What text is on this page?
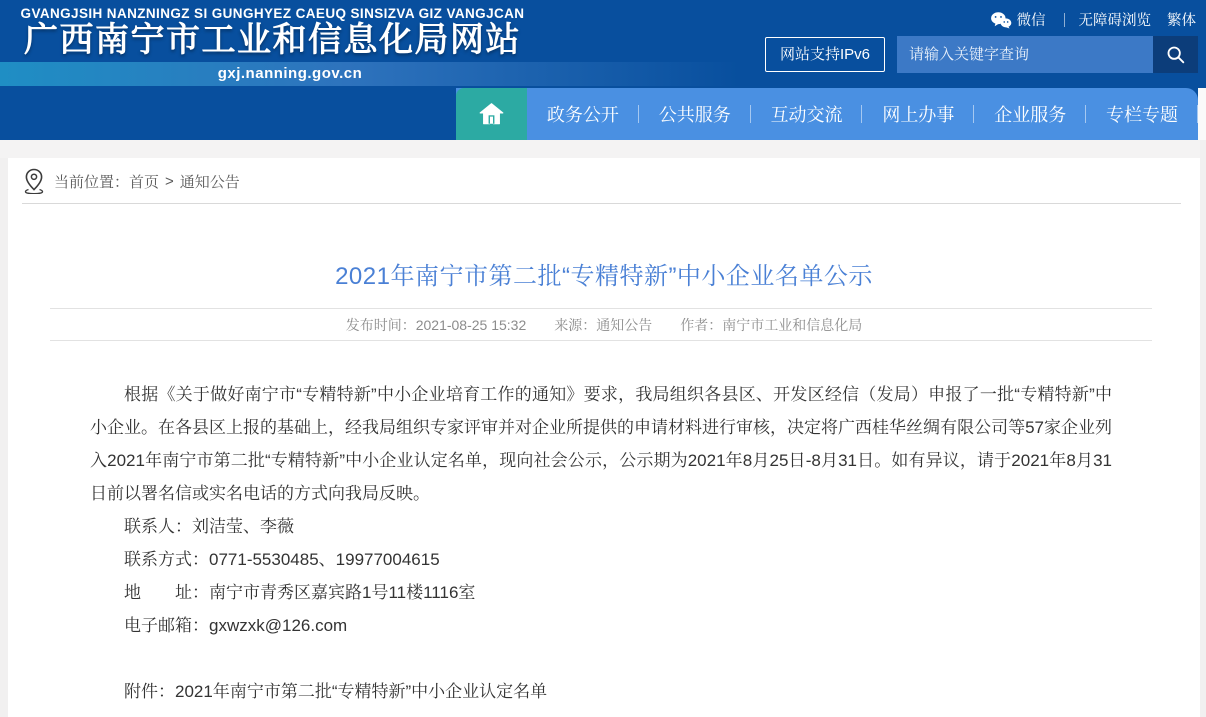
GVANGJSIH NANZNINGZ SI GUNGHYEZ CAEUQ SINSIZVA GIZ VANGJCAN
广西南宁市工业和信息化局网站
gxj.nanning.gov.cn
微信 无障碍浏览 繁体
网站支持IPv6
请输入关键字查询
政务公开	公共服务	互动交流	网上办事	企业服务	专栏专题
当前位置： 首页 > 通知公告
2021年南宁市第二批“专精特新”中小企业名单公示
发布时间：2021-08-25 15:32 来源：通知公告 作者：南宁市工业和信息化局

根据《关于做好南宁市“专精特新”中小企业培育工作的通知》要求，我局组织各县区、开发区经信（发局）申报了一批“专精特新”中小企业。在各县区上报的基础上，经我局组织专家评审并对企业所提供的申请材料进行审核，决定将广西桂华丝绸有限公司等57家企业列入2021年南宁市第二批“专精特新”中小企业认定名单，现向社会公示，公示期为2021年8月25日-8月31日。如有异议，请于2021年8月31日前以署名信或实名电话的方式向我局反映。

联系人：刘洁莹、李薇

联系方式：0771-5530485、19977004615

地　　址：南宁市青秀区嘉宾路1号11楼1116室

电子邮箱：gxwzxk@126.com

附件：2021年南宁市第二批“专精特新”中小企业认定名单
